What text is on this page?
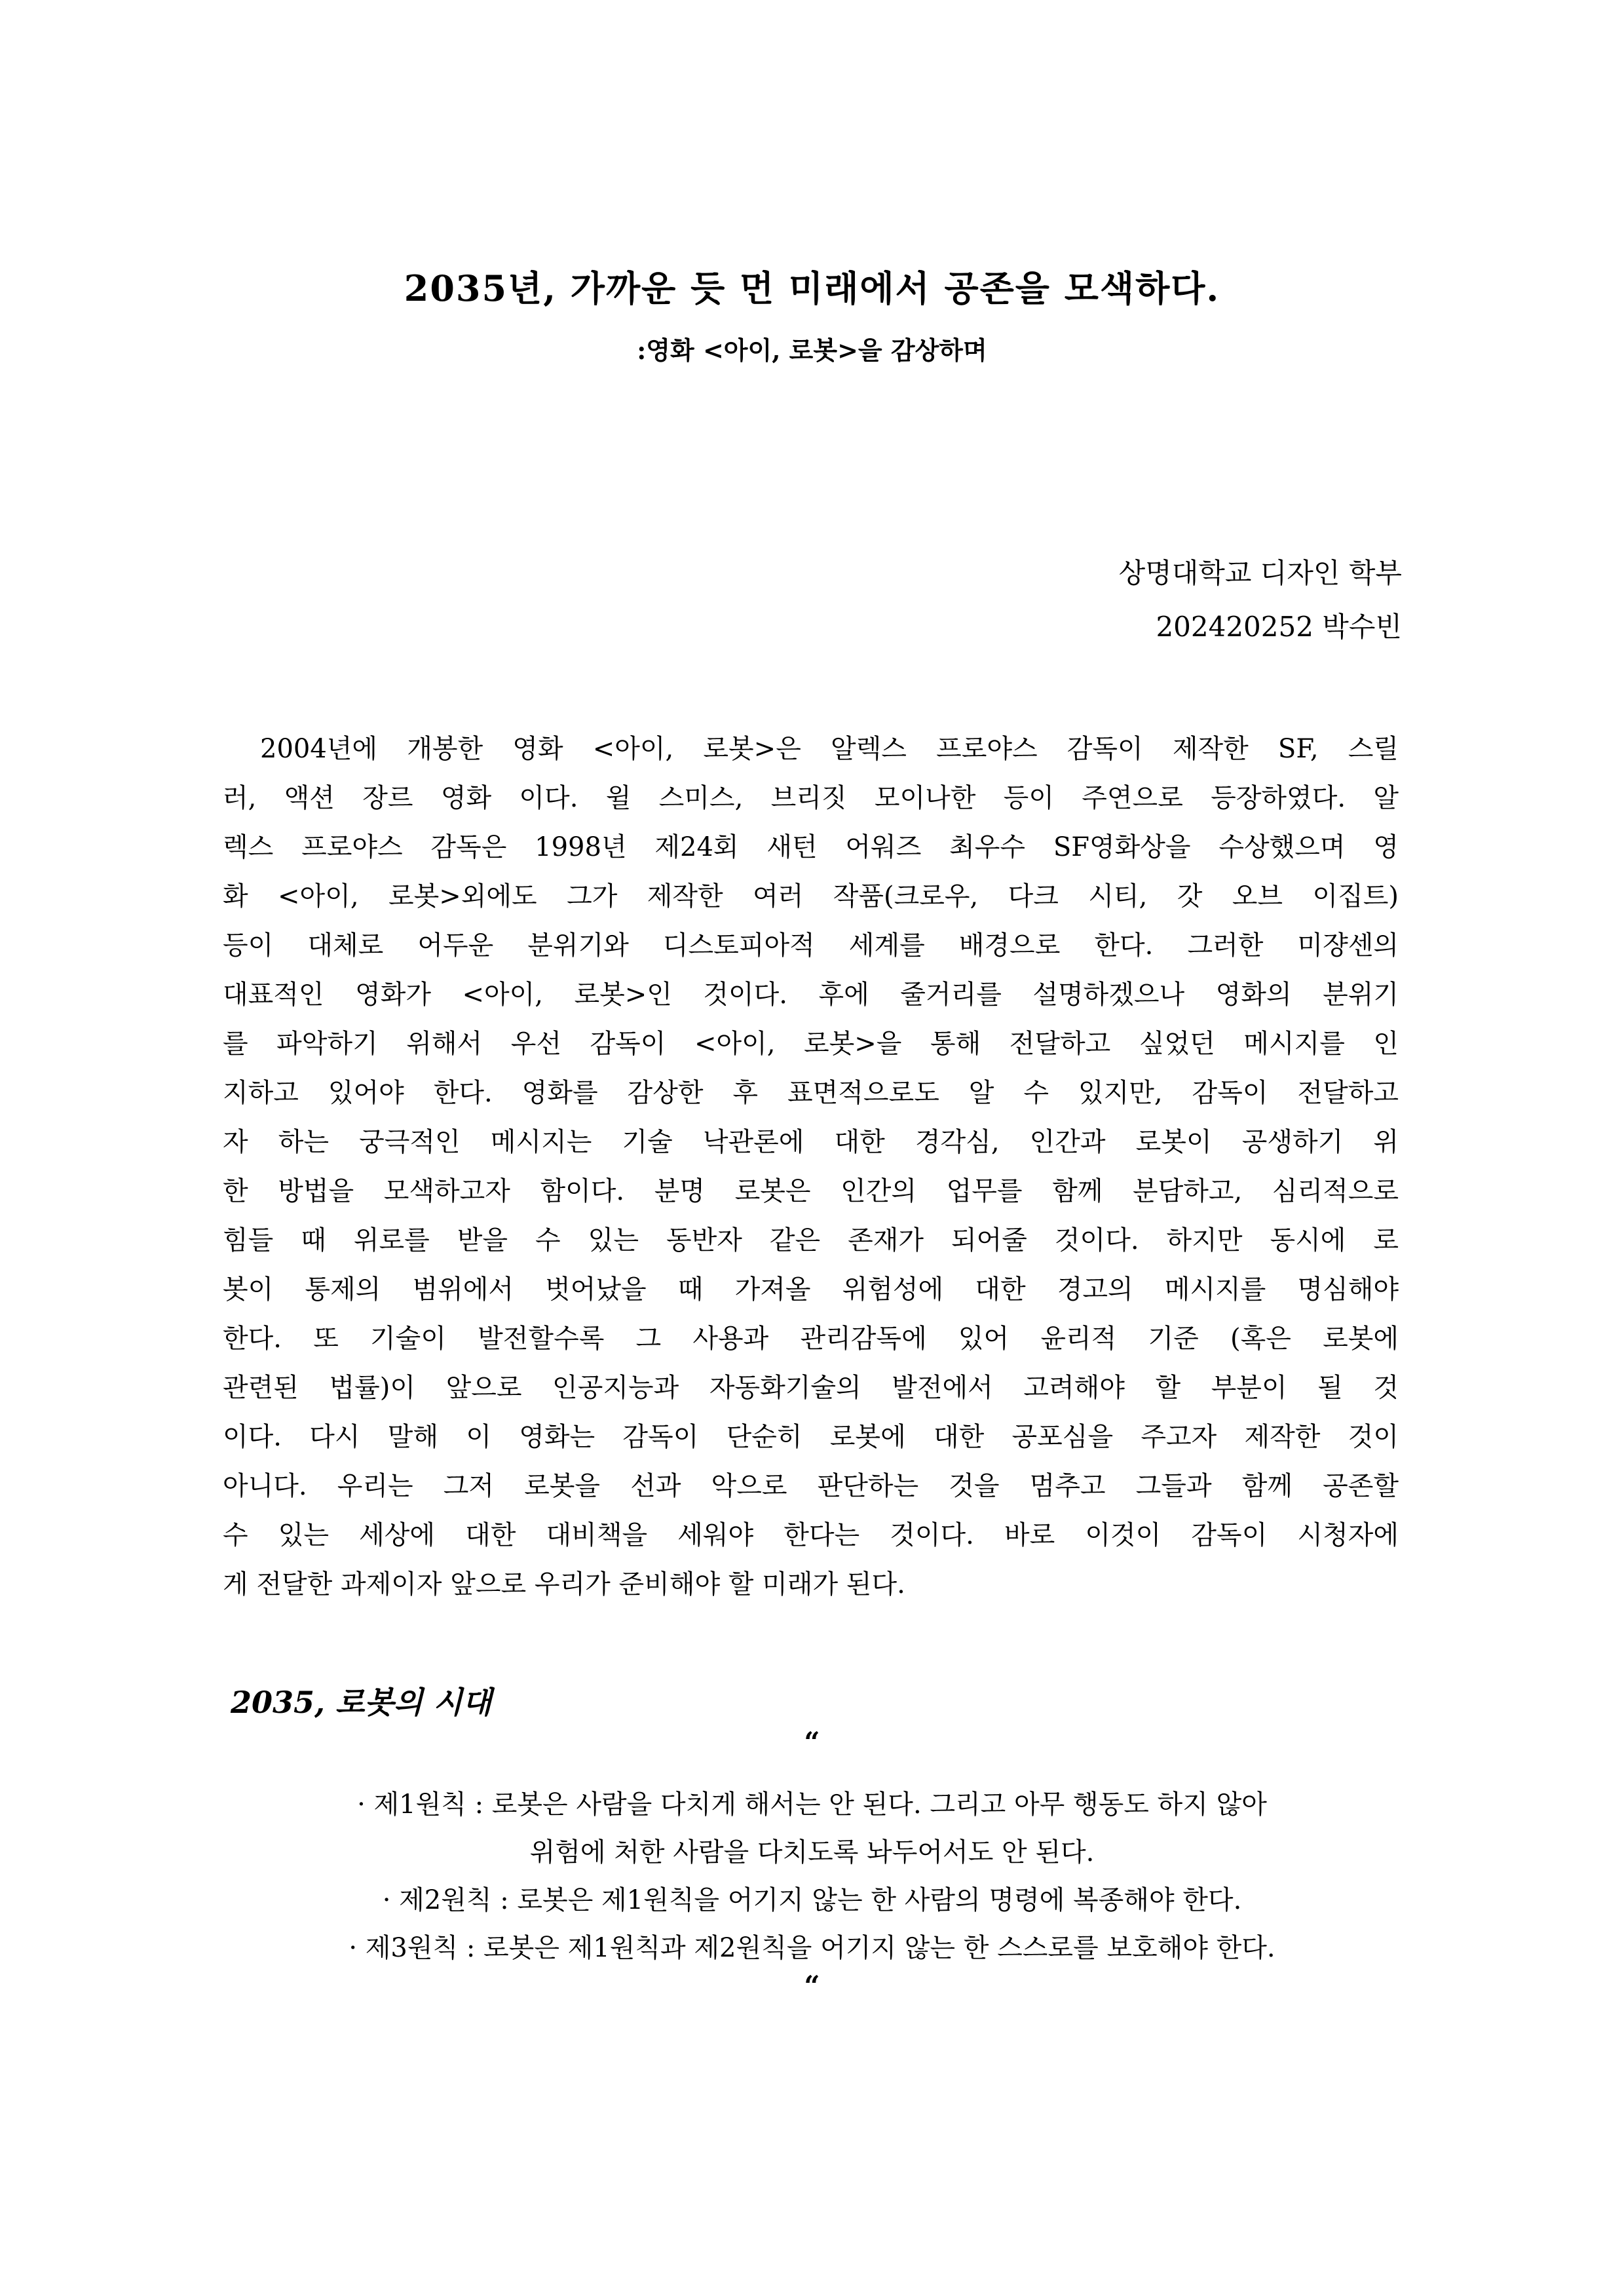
2035년, 가까운 듯 먼 미래에서 공존을 모색하다.
:영화 <아이, 로봇>을 감상하며
상명대학교 디자인 학부
202420252 박수빈
2004년에 개봉한 영화 <아이, 로봇>은 알렉스 프로야스 감독이 제작한 SF, 스릴
러, 액션 장르 영화 이다. 윌 스미스, 브리짓 모이나한 등이 주연으로 등장하였다. 알
렉스 프로야스 감독은 1998년 제24회 새턴 어워즈 최우수 SF영화상을 수상했으며 영
화 <아이, 로봇>외에도 그가 제작한 여러 작품(크로우, 다크 시티, 갓 오브 이집트)
등이 대체로 어두운 분위기와 디스토피아적 세계를 배경으로 한다. 그러한 미쟝센의
대표적인 영화가 <아이, 로봇>인 것이다. 후에 줄거리를 설명하겠으나 영화의 분위기
를 파악하기 위해서 우선 감독이 <아이, 로봇>을 통해 전달하고 싶었던 메시지를 인
지하고 있어야 한다. 영화를 감상한 후 표면적으로도 알 수 있지만, 감독이 전달하고
자 하는 궁극적인 메시지는 기술 낙관론에 대한 경각심, 인간과 로봇이 공생하기 위
한 방법을 모색하고자 함이다. 분명 로봇은 인간의 업무를 함께 분담하고, 심리적으로
힘들 때 위로를 받을 수 있는 동반자 같은 존재가 되어줄 것이다. 하지만 동시에 로
봇이 통제의 범위에서 벗어났을 때 가져올 위험성에 대한 경고의 메시지를 명심해야
한다. 또 기술이 발전할수록 그 사용과 관리감독에 있어 윤리적 기준 (혹은 로봇에
관련된 법률)이 앞으로 인공지능과 자동화기술의 발전에서 고려해야 할 부분이 될 것
이다. 다시 말해 이 영화는 감독이 단순히 로봇에 대한 공포심을 주고자 제작한 것이
아니다. 우리는 그저 로봇을 선과 악으로 판단하는 것을 멈추고 그들과 함께 공존할
수 있는 세상에 대한 대비책을 세워야 한다는 것이다. 바로 이것이 감독이 시청자에
게 전달한 과제이자 앞으로 우리가 준비해야 할 미래가 된다.
2035, 로봇의 시대
“
· 제1원칙 : 로봇은 사람을 다치게 해서는 안 된다. 그리고 아무 행동도 하지 않아
위험에 처한 사람을 다치도록 놔두어서도 안 된다.
· 제2원칙 : 로봇은 제1원칙을 어기지 않는 한 사람의 명령에 복종해야 한다.
· 제3원칙 : 로봇은 제1원칙과 제2원칙을 어기지 않는 한 스스로를 보호해야 한다.
“
